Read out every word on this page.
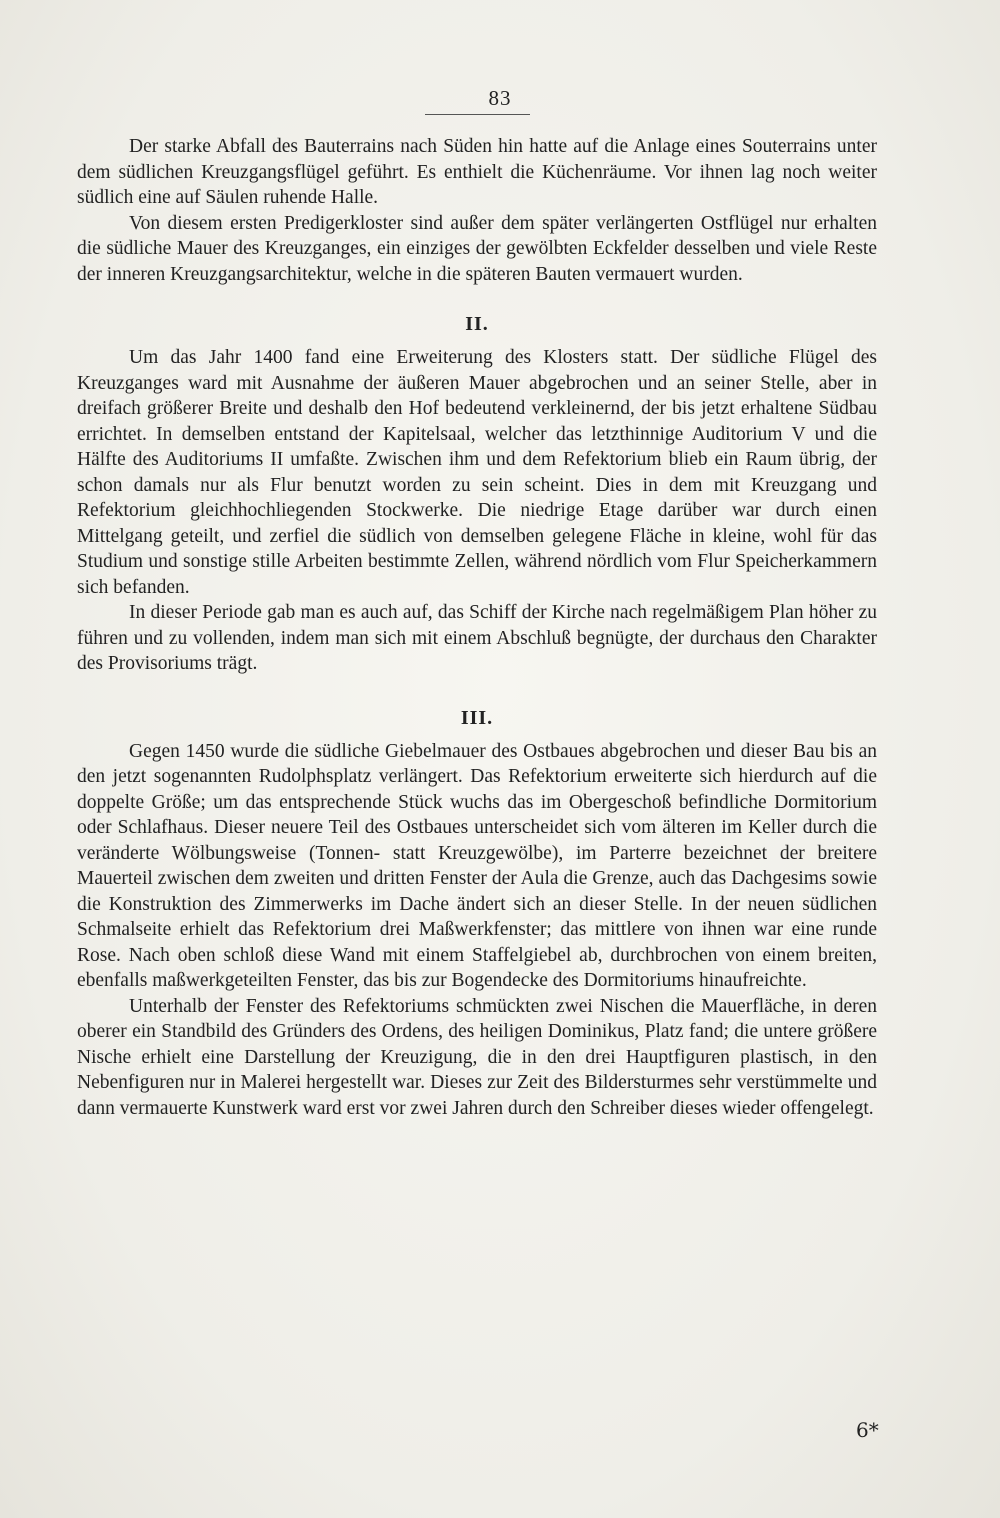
83

Der starke Abfall des Bauterrains nach Süden hin hatte auf die Anlage eines Souterrains unter dem südlichen Kreuzgangsflügel geführt. Es enthielt die Küchenräume. Vor ihnen lag noch weiter südlich eine auf Säulen ruhende Halle.

Von diesem ersten Predigerkloster sind außer dem später verlängerten Ostflügel nur erhalten die südliche Mauer des Kreuzganges, ein einziges der gewölbten Eckfelder desselben und viele Reste der inneren Kreuzgangsarchitektur, welche in die späteren Bauten vermauert wurden.

II.

Um das Jahr 1400 fand eine Erweiterung des Klosters statt. Der südliche Flügel des Kreuzganges ward mit Ausnahme der äußeren Mauer abgebrochen und an seiner Stelle, aber in dreifach größerer Breite und deshalb den Hof bedeutend verkleinernd, der bis jetzt erhaltene Südbau errichtet. In demselben entstand der Kapitelsaal, welcher das letzthinnige Auditorium V und die Hälfte des Auditoriums II umfaßte. Zwischen ihm und dem Refektorium blieb ein Raum übrig, der schon damals nur als Flur benutzt worden zu sein scheint. Dies in dem mit Kreuzgang und Refektorium gleichhochliegenden Stockwerke. Die niedrige Etage darüber war durch einen Mittelgang geteilt, und zerfiel die südlich von demselben gelegene Fläche in kleine, wohl für das Studium und sonstige stille Arbeiten bestimmte Zellen, während nördlich vom Flur Speicherkammern sich befanden.

In dieser Periode gab man es auch auf, das Schiff der Kirche nach regelmäßigem Plan höher zu führen und zu vollenden, indem man sich mit einem Abschluß begnügte, der durchaus den Charakter des Provisoriums trägt.

III.

Gegen 1450 wurde die südliche Giebelmauer des Ostbaues abgebrochen und dieser Bau bis an den jetzt sogenannten Rudolphsplatz verlängert. Das Refektorium erweiterte sich hierdurch auf die doppelte Größe; um das entsprechende Stück wuchs das im Obergeschoß befindliche Dormitorium oder Schlafhaus. Dieser neuere Teil des Ostbaues unterscheidet sich vom älteren im Keller durch die veränderte Wölbungsweise (Tonnen- statt Kreuzgewölbe), im Parterre bezeichnet der breitere Mauerteil zwischen dem zweiten und dritten Fenster der Aula die Grenze, auch das Dachgesims sowie die Konstruktion des Zimmerwerks im Dache ändert sich an dieser Stelle. In der neuen südlichen Schmalseite erhielt das Refektorium drei Maßwerkfenster; das mittlere von ihnen war eine runde Rose. Nach oben schloß diese Wand mit einem Staffelgiebel ab, durchbrochen von einem breiten, ebenfalls maßwerkgeteilten Fenster, das bis zur Bogendecke des Dormitoriums hinaufreichte.

Unterhalb der Fenster des Refektoriums schmückten zwei Nischen die Mauerfläche, in deren oberer ein Standbild des Gründers des Ordens, des heiligen Dominikus, Platz fand; die untere größere Nische erhielt eine Darstellung der Kreuzigung, die in den drei Hauptfiguren plastisch, in den Nebenfiguren nur in Malerei hergestellt war. Dieses zur Zeit des Bildersturmes sehr verstümmelte und dann vermauerte Kunstwerk ward erst vor zwei Jahren durch den Schreiber dieses wieder offengelegt.

6*
